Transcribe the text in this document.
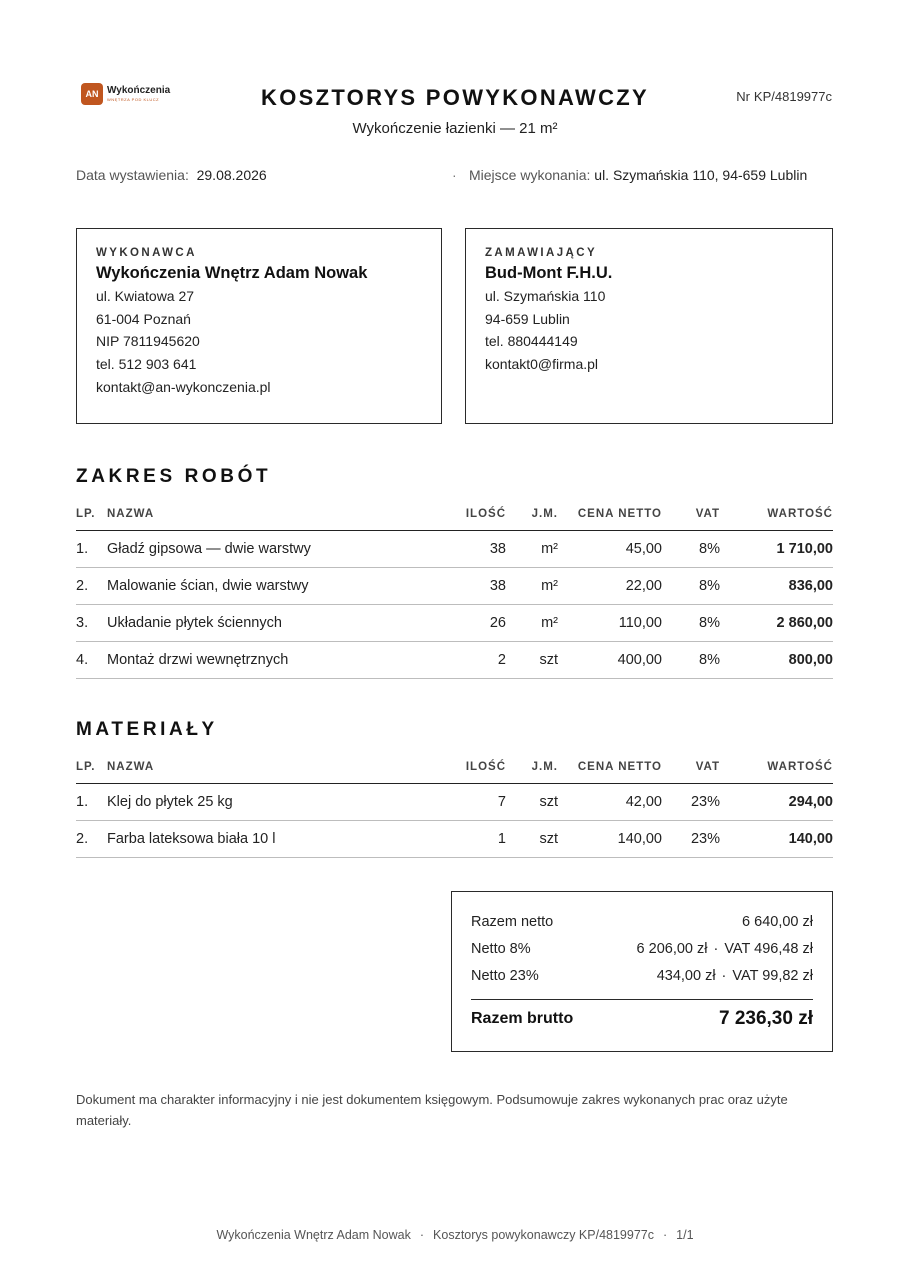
AN Wykończenia
WNĘTRZA POD KLUCZ	KOSZTORYS POWYKONAWCZY
Wykończenie łazienki — 21 m²
Nr KP/4819977c
Data wystawienia: 29.08.2026	· Miejsce wykonania: ul. Szymańskia 110, 94-659 Lublin
WYKONAWCA
Wykończenia Wnętrz Adam Nowak
ul. Kwiatowa 27
61-004 Poznań
NIP 7811945620
tel. 512 903 641
kontakt@an-wykonczenia.pl
ZAMAWIAJĄCY
Bud-Mont F.H.U.
ul. Szymańskia 110
94-659 Lublin
tel. 880444149
kontakt0@firma.pl
ZAKRES ROBÓT
LP.	NAZWA	ILOŚĆ	J.M.	CENA NETTO	VAT	WARTOŚĆ
1.	Gładź gipsowa — dwie warstwy	38	m²	45,00	8%	1 710,00
2.	Malowanie ścian, dwie warstwy	38	m²	22,00	8%	836,00
3.	Układanie płytek ściennych	26	m²	110,00	8%	2 860,00
4.	Montaż drzwi wewnętrznych	2	szt	400,00	8%	800,00
MATERIAŁY
LP.	NAZWA	ILOŚĆ	J.M.	CENA NETTO	VAT	WARTOŚĆ
1.	Klej do płytek 25 kg	7	szt	42,00	23%	294,00
2.	Farba lateksowa biała 10 l	1	szt	140,00	23%	140,00
Razem netto	6 640,00 zł
Netto 8%	6 206,00 zł · VAT 496,48 zł
Netto 23%	434,00 zł · VAT 99,82 zł
Razem brutto	7 236,30 zł
Dokument ma charakter informacyjny i nie jest dokumentem księgowym. Podsumowuje zakres wykonanych prac oraz użyte materiały.
Wykończenia Wnętrz Adam Nowak · Kosztorys powykonawczy KP/4819977c · 1/1
